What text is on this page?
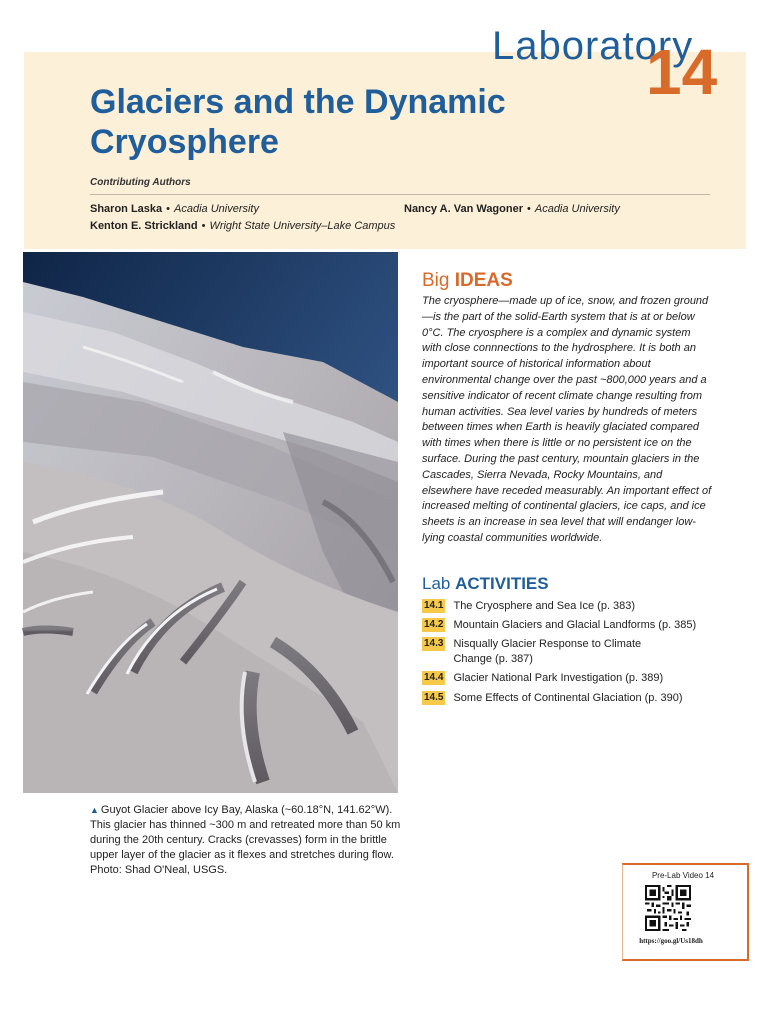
Laboratory
14
Glaciers and the Dynamic
Cryosphere
Contributing Authors
Sharon Laska • Acadia University
Kenton E. Strickland • Wright State University–Lake Campus
Nancy A. Van Wagoner • Acadia University
▲ Guyot Glacier above Icy Bay, Alaska (~60.18°N, 141.62°W). This glacier has thinned ~300 m and retreated more than 50 km during the 20th century. Cracks (crevasses) form in the brittle upper layer of the glacier as it flexes and stretches during flow. Photo: Shad O'Neal, USGS.
Big IDEAS

The cryosphere—made up of ice, snow, and frozen ground—is the part of the solid-Earth system that is at or below 0°C. The cryosphere is a complex and dynamic system with close connnections to the hydrosphere. It is both an important source of historical information about environmental change over the past ~800,000 years and a sensitive indicator of recent climate change resulting from human activities. Sea level varies by hundreds of meters between times when Earth is heavily glaciated compared with times when there is little or no persistent ice on the surface. During the past century, mountain glaciers in the Cascades, Sierra Nevada, Rocky Mountains, and elsewhere have receded measurably. An important effect of increased melting of continental glaciers, ice caps, and ice sheets is an increase in sea level that will endanger low-lying coastal communities worldwide.

Lab ACTIVITIES
14.1 The Cryosphere and Sea Ice (p. 383)
14.2 Mountain Glaciers and Glacial Landforms (p. 385)
14.3 Nisqually Glacier Response to Climate Change (p. 387)
14.4 Glacier National Park Investigation (p. 389)
14.5 Some Effects of Continental Glaciation (p. 390)
Pre-Lab Video 14
https://goo.gl/Us18dh
